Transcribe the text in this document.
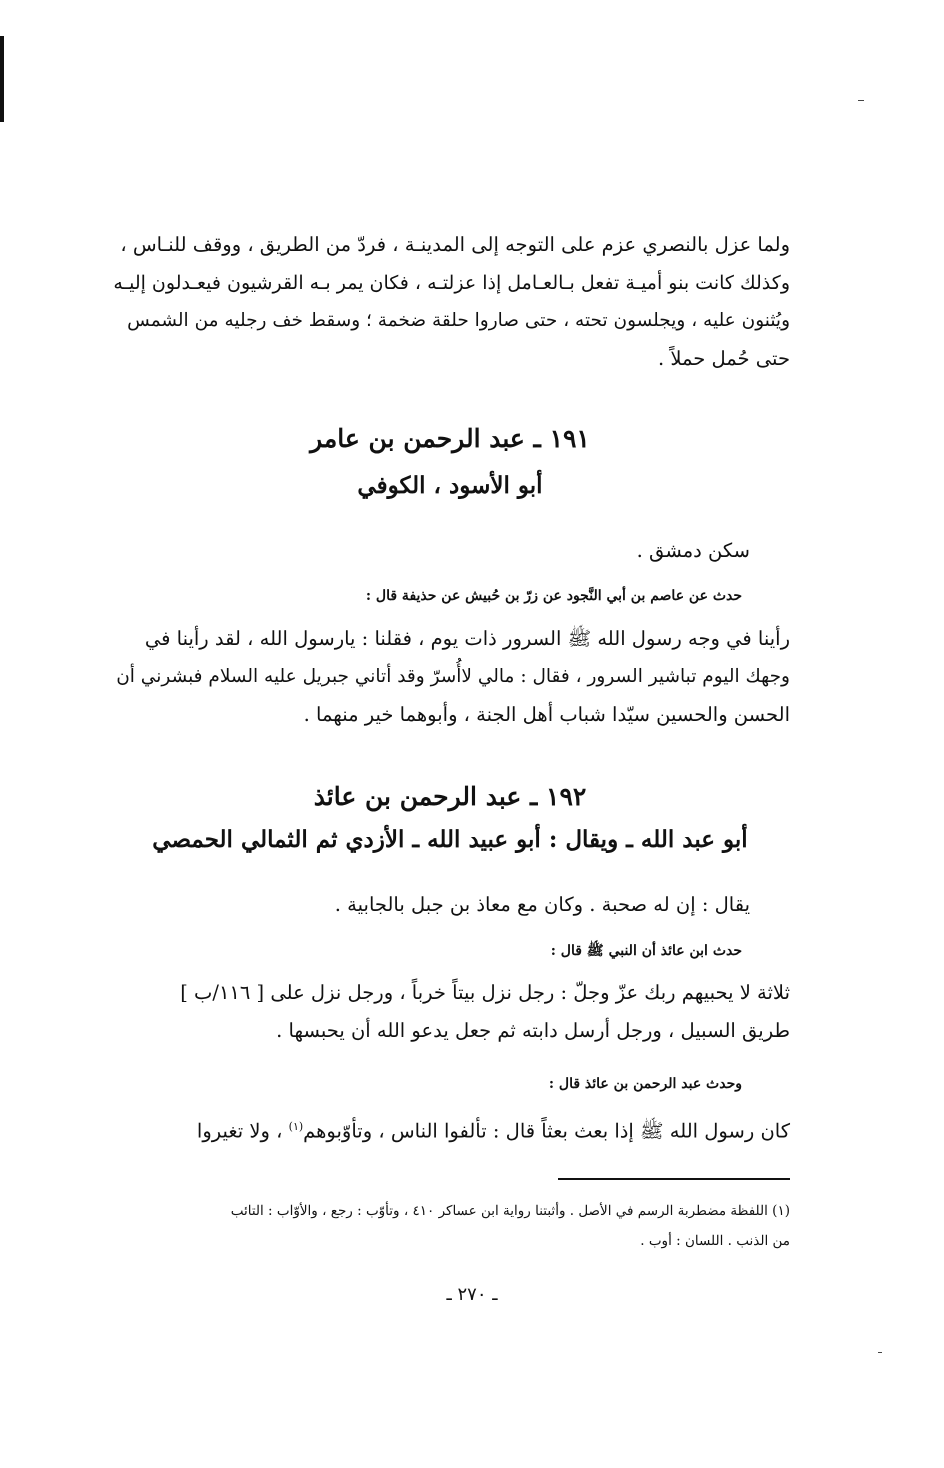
ولما عزل بالنصري عزم على التوجه إلى المدينـة ، فردّ من الطريق ، ووقف للنـاس ،
وكذلك كانت بنو أميـة تفعل بـالعـامل إذا عزلتـه ، فكان يمر بـه القرشيون فيعـدلون إليـه
ويُثنون عليه ، ويجلسون تحته ، حتى صاروا حلقة ضخمة ؛ وسقط خف رجليه من الشمس
حتى حُمل حملاً .

١٩١ ـ عبد الرحمن بن عامر
أبو الأسود ، الكوفي

سكن دمشق .

حدث عن عاصم بن أبي النَّجود عن زرّ بن حُبيش عن حذيفة قال :

رأينا في وجه رسول الله ﷺ السرور ذات يوم ، فقلنا : يارسول الله ، لقد رأينا في
وجهك اليوم تباشير السرور ، فقال : مالي لاأُسرّ وقد أتاني جبريل عليه السلام فبشرني أن
الحسن والحسين سيّدا شباب أهل الجنة ، وأبوهما خير منهما .

١٩٢ ـ عبد الرحمن بن عائذ
أبو عبد الله ـ ويقال : أبو عبيد الله ـ الأزدي ثم الثمالي الحمصي

يقال : إن له صحبة . وكان مع معاذ بن جبل بالجابية .

حدث ابن عائذ أن النبي ﷺ قال :

ثلاثة لا يحبيهم ربك عزّ وجلّ : رجل نزل بيتاً خرباً ، ورجل نزل على [ ١١٦/ب ]
طريق السبيل ، ورجل أرسل دابته ثم جعل يدعو الله أن يحبسها .

وحدث عبد الرحمن بن عائذ قال :

كان رسول الله ﷺ إذا بعث بعثاً قال : تألفوا الناس ، وتأوّبوهم$^{(١)}$ ، ولا تغيروا

(١) اللفظة مضطربة الرسم في الأصل . وأثبتنا رواية ابن عساكر ٤١٠ ، وتأوّب : رجع ، والأوّاب : التائب
من الذنب . اللسان : أوب .

ـ ٢٧٠ ـ
